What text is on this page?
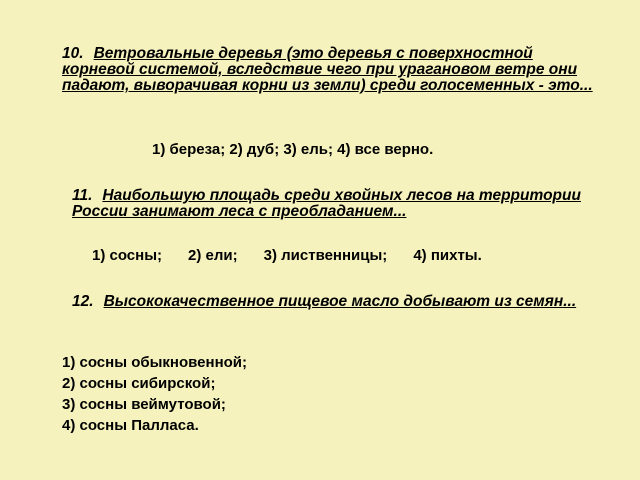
10. Ветровальные деревья (это деревья с поверхностной корневой системой, вследствие чего при урагановом ветре они падают, выворачивая корни из земли) среди голосеменных - это...
1) береза; 2) дуб; 3) ель; 4) все верно.
11. Наибольшую площадь среди хвойных лесов на территории России занимают леса с преобладанием...
1) сосны; 2) ели; 3) лиственницы; 4) пихты.
12. Высококачественное пищевое масло добывают из семян...
1) сосны обыкновенной;
2) сосны сибирской;
3) сосны веймутовой;
4) сосны Палласа.
